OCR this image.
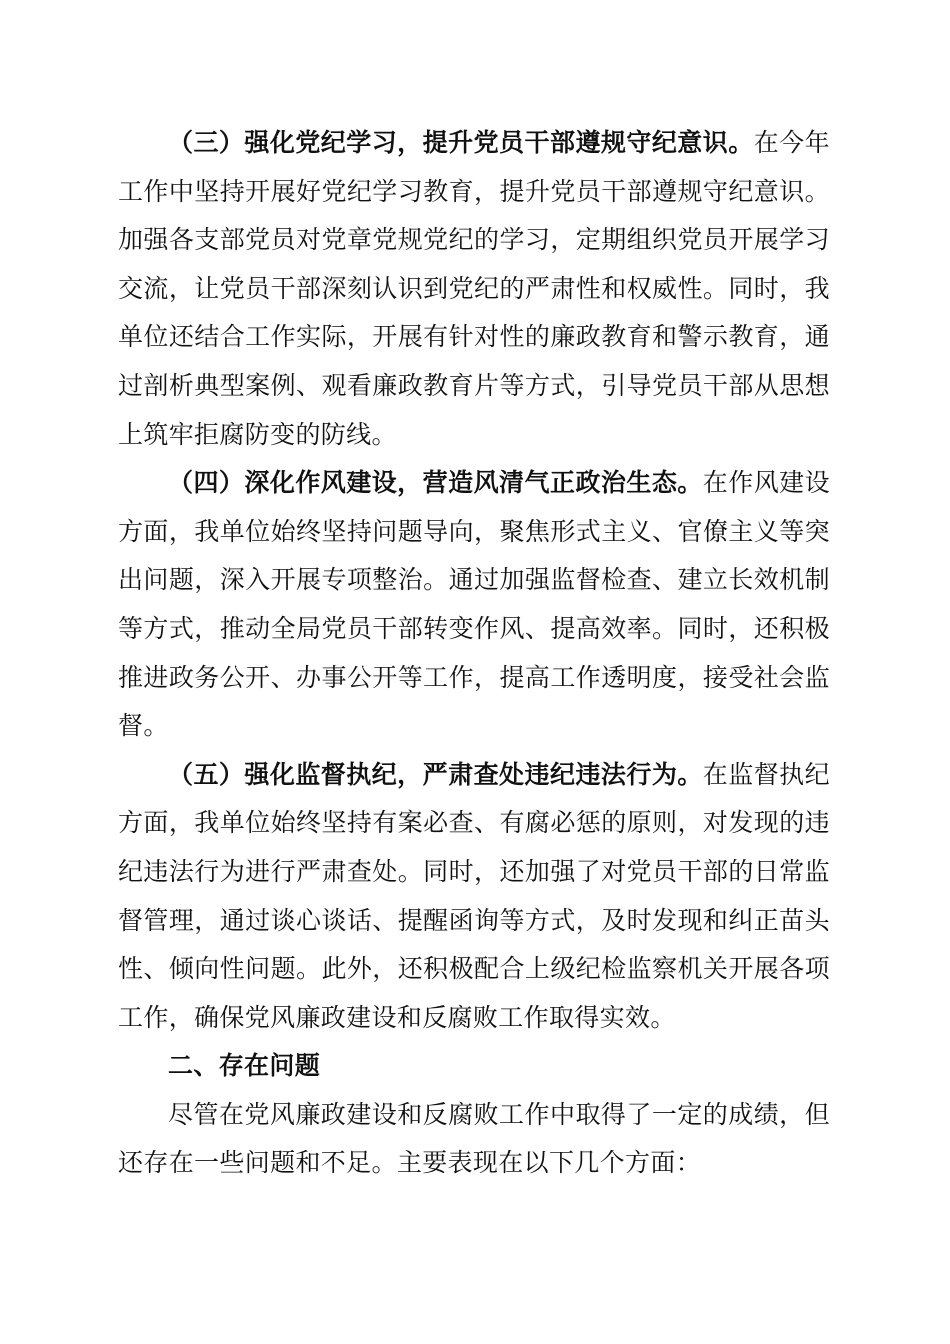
（三）强化党纪学习，提升党员干部遵规守纪意识。在今年工作中坚持开展好党纪学习教育，提升党员干部遵规守纪意识。加强各支部党员对党章党规党纪的学习，定期组织党员开展学习交流，让党员干部深刻认识到党纪的严肃性和权威性。同时，我单位还结合工作实际，开展有针对性的廉政教育和警示教育，通过剖析典型案例、观看廉政教育片等方式，引导党员干部从思想上筑牢拒腐防变的防线。

（四）深化作风建设，营造风清气正政治生态。在作风建设方面，我单位始终坚持问题导向，聚焦形式主义、官僚主义等突出问题，深入开展专项整治。通过加强监督检查、建立长效机制等方式，推动全局党员干部转变作风、提高效率。同时，还积极推进政务公开、办事公开等工作，提高工作透明度，接受社会监督。

（五）强化监督执纪，严肃查处违纪违法行为。在监督执纪方面，我单位始终坚持有案必查、有腐必惩的原则，对发现的违纪违法行为进行严肃查处。同时，还加强了对党员干部的日常监督管理，通过谈心谈话、提醒函询等方式，及时发现和纠正苗头性、倾向性问题。此外，还积极配合上级纪检监察机关开展各项工作，确保党风廉政建设和反腐败工作取得实效。

二、存在问题

尽管在党风廉政建设和反腐败工作中取得了一定的成绩，但还存在一些问题和不足。主要表现在以下几个方面：
